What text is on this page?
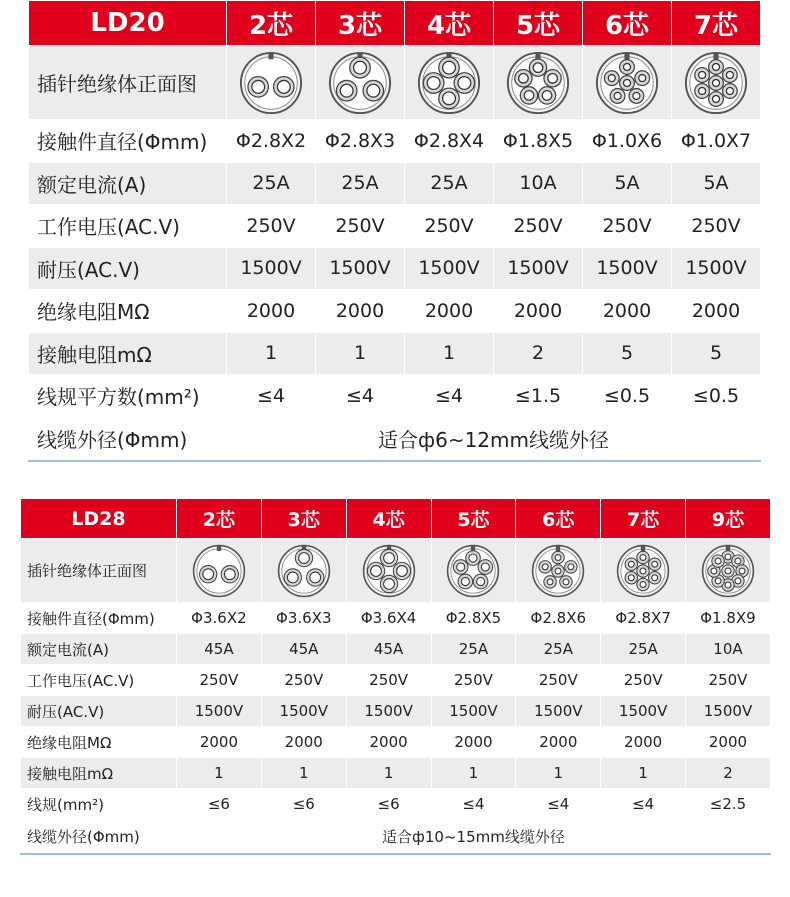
LD20	2芯	3芯	4芯	5芯	6芯	7芯
插针绝缘体正面图	

接触件直径(Φmm)	Φ2.8X2	Φ2.8X3	Φ2.8X4	Φ1.8X5	Φ1.0X6	Φ1.0X7
额定电流(A)	25A	25A	25A	10A	5A	5A
工作电压(AC.V)	250V	250V	250V	250V	250V	250V
耐压(AC.V)	1500V	1500V	1500V	1500V	1500V	1500V
绝缘电阻MΩ	2000	2000	2000	2000	2000	2000
接触电阻mΩ	1	1	1	2	5	5
线规平方数(mm²)	≤4	≤4	≤4	≤1.5	≤0.5	≤0.5
线缆外径(Φmm)	适合ф6~12mm线缆外径					
LD28	2芯	3芯	4芯	5芯	6芯	7芯	9芯
插针绝缘体正面图	

接触件直径(Φmm)	Φ3.6X2	Φ3.6X3	Φ3.6X4	Φ2.8X5	Φ2.8X6	Φ2.8X7	Φ1.8X9
额定电流(A)	45A	45A	45A	25A	25A	25A	10A
工作电压(AC.V)	250V	250V	250V	250V	250V	250V	250V
耐压(AC.V)	1500V	1500V	1500V	1500V	1500V	1500V	1500V
绝缘电阻MΩ	2000	2000	2000	2000	2000	2000	2000
接触电阻mΩ	1	1	1	1	1	1	2
线规(mm²)	≤6	≤6	≤6	≤4	≤4	≤4	≤2.5
线缆外径(Φmm)	适合ф10~15mm线缆外径						
